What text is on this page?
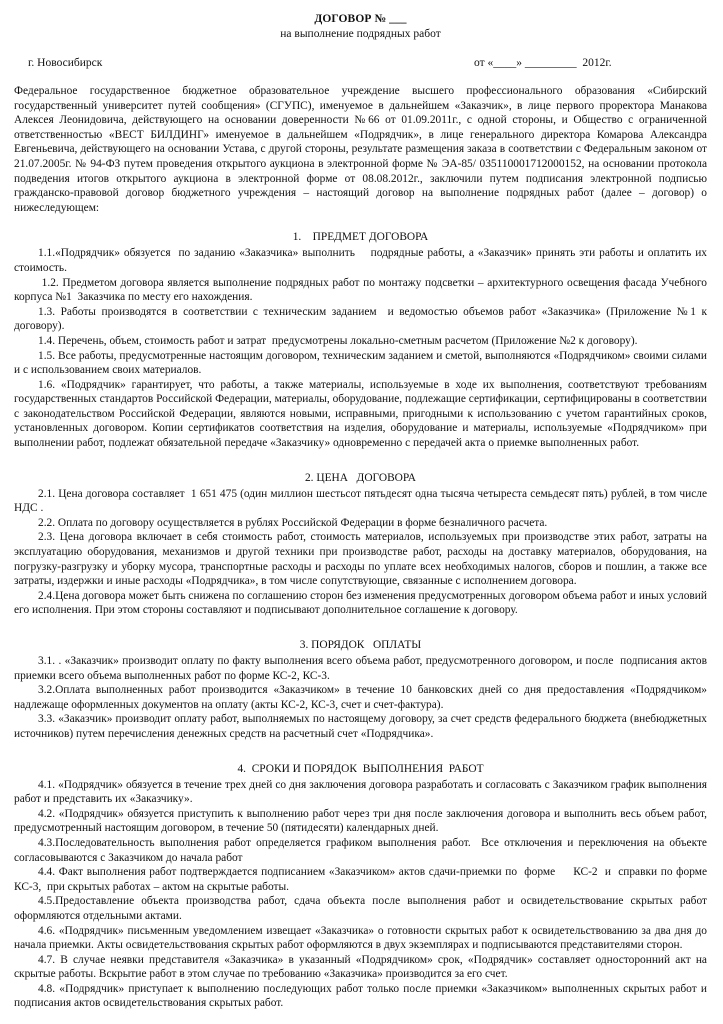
ДОГОВОР № ___
на выполнение подрядных работ
г. Новосибирск	от «____» _________  2012г.
Федеральное государственное бюджетное образовательное учреждение высшего профессионального образования «Сибирский государственный университет путей сообщения» (СГУПС), именуемое в дальнейшем «Заказчик», в лице первого проректора Манакова Алексея Леонидовича, действующего на основании доверенности №66 от 01.09.2011г., с одной стороны, и Общество с ограниченной ответственностью «ВЕСТ БИЛДИНГ» именуемое в дальнейшем «Подрядчик», в лице генерального директора Комарова Александра Евгеньевича, действующего на основании Устава, с другой стороны, результате размещения заказа в соответствии с Федеральным законом от 21.07.2005г. № 94-ФЗ путем проведения открытого аукциона в электронной форме № ЭА-85/ 035110001712000152, на основании протокола подведения итогов открытого аукциона в электронной форме от 08.08.2012г., заключили путем подписания электронной подписью гражданско-правовой договор бюджетного учреждения – настоящий договор на выполнение подрядных работ (далее – договор) о нижеследующем:
1.    ПРЕДМЕТ ДОГОВОРА

1.1.«Подрядчик» обязуется  по заданию «Заказчика» выполнить    подрядные работы, а «Заказчик» принять эти работы и оплатить их стоимость.

1.2. Предметом договора является выполнение подрядных работ по монтажу подсветки – архитектурного освещения фасада Учебного корпуса №1  Заказчика по месту его нахождения.

1.3. Работы производятся в соответствии с техническим заданием  и ведомостью объемов работ «Заказчика» (Приложение №1 к договору).

1.4. Перечень, объем, стоимость работ и затрат  предусмотрены локально-сметным расчетом (Приложение №2 к договору).

1.5. Все работы, предусмотренные настоящим договором, техническим заданием и сметой, выполняются «Подрядчиком» своими силами и с использованием своих материалов.

1.6. «Подрядчик» гарантирует, что работы, а также материалы, используемые в ходе их выполнения, соответствуют требованиям государственных стандартов Российской Федерации, материалы, оборудование, подлежащие сертификации, сертифицированы в соответствии с законодательством Российской Федерации, являются новыми, исправными, пригодными к использованию с учетом гарантийных сроков, установленных договором. Копии сертификатов соответствия на изделия, оборудование и материалы, используемые «Подрядчиком» при выполнении работ, подлежат обязательной передаче «Заказчику» одновременно с передачей акта о приемке выполненных работ.

2. ЦЕНА   ДОГОВОРА

2.1. Цена договора составляет  1 651 475 (один миллион шестьсот пятьдесят одна тысяча четыреста семьдесят пять) рублей, в том числе НДС .

2.2. Оплата по договору осуществляется в рублях Российской Федерации в форме безналичного расчета.

2.3. Цена договора включает в себя стоимость работ, стоимость материалов, используемых при производстве этих работ, затраты на эксплуатацию оборудования, механизмов и другой техники при производстве работ, расходы на доставку материалов, оборудования, на погрузку-разгрузку и уборку мусора, транспортные расходы и расходы по уплате всех необходимых налогов, сборов и пошлин, а также все затраты, издержки и иные расходы «Подрядчика», в том числе сопутствующие, связанные с исполнением договора.

2.4.Цена договора может быть снижена по соглашению сторон без изменения предусмотренных договором объема работ и иных условий его исполнения. При этом стороны составляют и подписывают дополнительное соглашение к договору.

3. ПОРЯДОК   ОПЛАТЫ

3.1. . «Заказчик» производит оплату по факту выполнения всего объема работ, предусмотренного договором, и после  подписания актов приемки всего объема выполненных работ по форме КС-2, КС-3.

3.2.Оплата выполненных работ производится «Заказчиком» в течение 10 банковских дней со дня предоставления «Подрядчиком» надлежаще оформленных документов на оплату (акты КС-2, КС-3, счет и счет-фактура).

3.3. «Заказчик» производит оплату работ, выполняемых по настоящему договору, за счет средств федерального бюджета (внебюджетных источников) путем перечисления денежных средств на расчетный счет «Подрядчика».

4.  СРОКИ И ПОРЯДОК  ВЫПОЛНЕНИЯ  РАБОТ

4.1. «Подрядчик» обязуется в течение трех дней со дня заключения договора разработать и согласовать с Заказчиком график выполнения работ и представить их «Заказчику».

4.2. «Подрядчик» обязуется приступить к выполнению работ через три дня после заключения договора и выполнить весь объем работ, предусмотренный настоящим договором, в течение 50 (пятидесяти) календарных дней.

4.3.Последовательность выполнения работ определяется графиком выполнения работ.  Все отключения и переключения на объекте согласовываются с Заказчиком до начала работ

4.4. Факт выполнения работ подтверждается подписанием «Заказчиком» актов сдачи-приемки по  форме     КС-2  и  справки по форме КС-3,  при скрытых работах – актом на скрытые работы.

4.5.Предоставление объекта производства работ, сдача объекта после выполнения работ и освидетельствование скрытых работ оформляются отдельными актами.

4.6. «Подрядчик» письменным уведомлением извещает «Заказчика» о готовности скрытых работ к освидетельствованию за два дня до начала приемки. Акты освидетельствования скрытых работ оформляются в двух экземплярах и подписываются представителями сторон.

4.7. В случае неявки представителя «Заказчика» в указанный «Подрядчиком» срок, «Подрядчик» составляет односторонний акт на скрытые работы. Вскрытие работ в этом случае по требованию «Заказчика» производится за его счет.

4.8. «Подрядчик» приступает к выполнению последующих работ только после приемки «Заказчиком» выполненных скрытых работ и подписания актов освидетельствования скрытых работ.
